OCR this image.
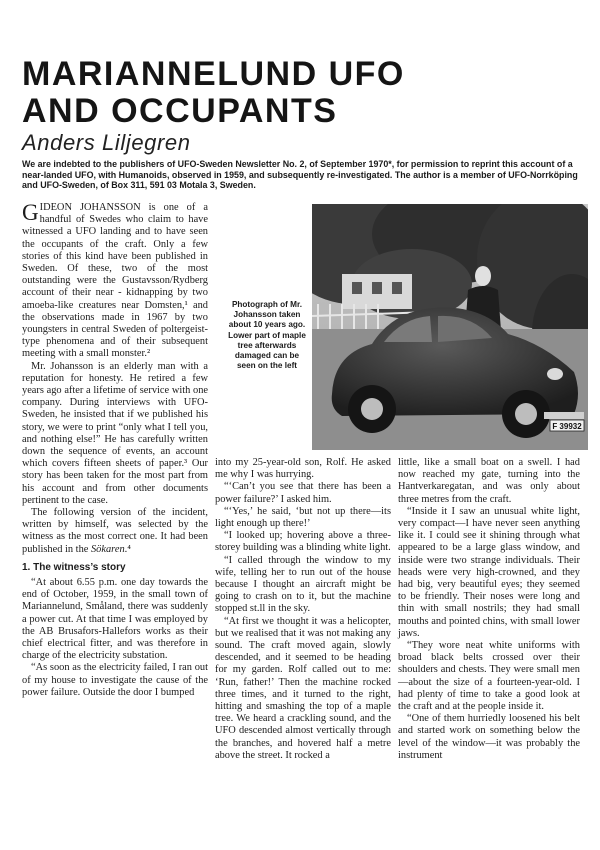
MARIANNELUND UFO
AND OCCUPANTS
Anders Liljegren
We are indebted to the publishers of UFO-Sweden Newsletter No. 2, of September 1970*, for permission to reprint this account of a near-landed UFO, with Humanoids, observed in 1959, and subsequently re-investigated. The author is a member of UFO-Norrköping and UFO-Sweden, of Box 311, 591 03 Motala 3, Sweden.

GIDEON JOHANSSON is one of a handful of Swedes who claim to have witnessed a UFO landing and to have seen the occupants of the craft. Only a few stories of this kind have been published in Sweden. Of these, two of the most outstanding were the Gustavsson/Rydberg account of their near - kidnapping by two amoeba-like creatures near Domsten,¹ and the observations made in 1967 by two youngsters in central Sweden of poltergeist-type phenomena and of their subsequent meeting with a small monster.²

Mr. Johansson is an elderly man with a reputation for honesty. He retired a few years ago after a lifetime of service with one company. During interviews with UFO-Sweden, he insisted that if we published his story, we were to print “only what I tell you, and nothing else!” He has carefully written down the sequence of events, an account which covers fifteen sheets of paper.³ Our story has been taken for the most part from his account and from other documents pertinent to the case.

The following version of the incident, written by himself, was selected by the witness as the most correct one. It had been published in the Sökaren.⁴

1. The witness’s story

“At about 6.55 p.m. one day towards the end of October, 1959, in the small town of Mariannelund, Småland, there was suddenly a power cut. At that time I was employed by the AB Brusafors-Hallefors works as their chief electrical fitter, and was therefore in charge of the electricity substation.

“As soon as the electricity failed, I ran out of my house to investigate the cause of the power failure. Outside the door I bumped

Photograph of Mr. Johansson taken about 10 years ago. Lower part of maple tree afterwards damaged can be seen on the left
F 39932

into my 25-year-old son, Rolf. He asked me why I was hurrying.

“‘Can’t you see that there has been a power failure?’ I asked him.

“‘Yes,’ he said, ‘but not up there—its light enough up there!’

“I looked up; hovering above a three-storey building was a blinding white light.

“I called through the window to my wife, telling her to run out of the house because I thought an aircraft might be going to crash on to it, but the machine stopped st.ll in the sky.

“At first we thought it was a helicopter, but we realised that it was not making any sound. The craft moved again, slowly descended, and it seemed to be heading for my garden. Rolf called out to me: ‘Run, father!’ Then the machine rocked three times, and it turned to the right, hitting and smashing the top of a maple tree. We heard a crackling sound, and the UFO descended almost vertically through the branches, and hovered half a metre above the street. It rocked a

little, like a small boat on a swell. I had now reached my gate, turning into the Hantverkaregatan, and was only about three metres from the craft.

“Inside it I saw an unusual white light, very compact—I have never seen anything like it. I could see it shining through what appeared to be a large glass window, and inside were two strange individuals. Their heads were very high-crowned, and they had big, very beautiful eyes; they seemed to be friendly. Their noses were long and thin with small nostrils; they had small mouths and pointed chins, with small lower jaws.

“They wore neat white uniforms with broad black belts crossed over their shoulders and chests. They were small men—about the size of a fourteen-year-old. I had plenty of time to take a good look at the craft and at the people inside it.

“One of them hurriedly loosened his belt and started work on something below the level of the window—it was probably the instrument
